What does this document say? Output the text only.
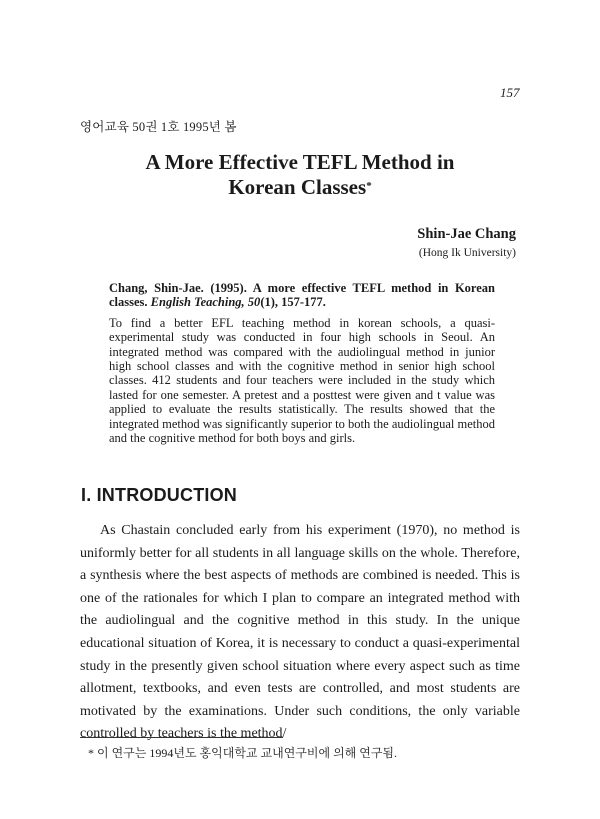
157
영어교육 50권 1호 1995년 봄
A More Effective TEFL Method in
Korean Classes*
Shin-Jae Chang
(Hong Ik University)
Chang, Shin-Jae. (1995). A more effective TEFL method in Korean classes. English Teaching, 50(1), 157-177.

To find a better EFL teaching method in korean schools, a quasi-experimental study was conducted in four high schools in Seoul. An integrated method was compared with the audiolingual method in junior high school classes and with the cognitive method in senior high school classes. 412 students and four teachers were included in the study which lasted for one semester. A pretest and a posttest were given and t value was applied to evaluate the results statistically. The results showed that the integrated method was significantly superior to both the audiolingual method and the cognitive method for both boys and girls.

I. INTRODUCTION

As Chastain concluded early from his experiment (1970), no method is uniformly better for all students in all language skills on the whole. Therefore, a synthesis where the best aspects of methods are combined is needed. This is one of the rationales for which I plan to compare an integrated method with the audiolingual and the cognitive method in this study. In the unique educational situation of Korea, it is necessary to conduct a quasi-experimental study in the presently given school situation where every aspect such as time allotment, textbooks, and even tests are controlled, and most students are motivated by the examinations. Under such conditions, the only variable controlled by teachers is the method/

* 이 연구는 1994년도 홍익대학교 교내연구비에 의해 연구됨.
